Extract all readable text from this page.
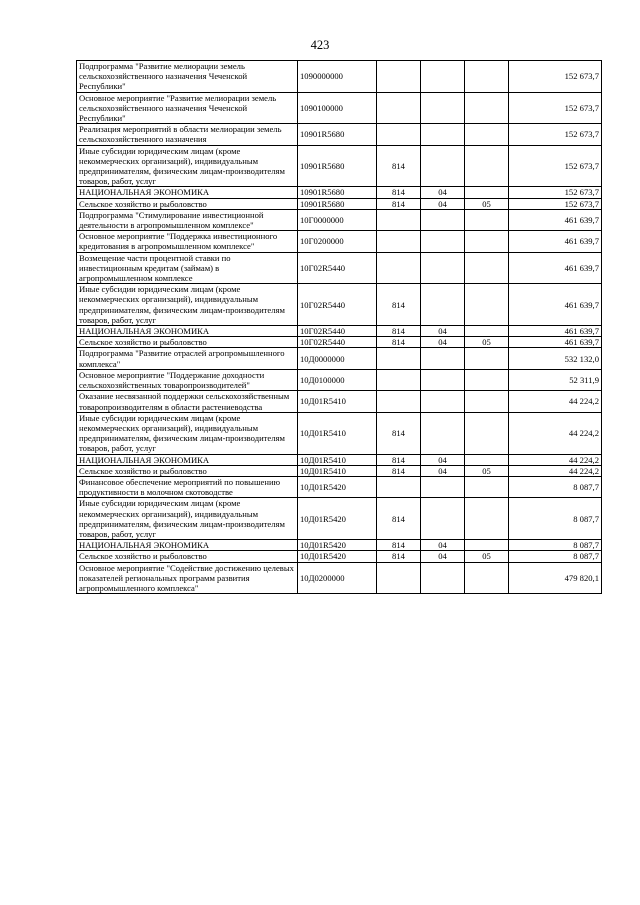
423
Подпрограмма "Развитие мелиорации земель сельскохозяйственного назначения Чеченской Республики"	1090000000				152 673,7
Основное мероприятие "Развитие мелиорации земель сельскохозяйственного назначения Чеченской Республики"	1090100000				152 673,7
Реализация мероприятий в области мелиорации земель сельскохозяйственного назначения	10901R5680				152 673,7
Иные субсидии юридическим лицам (кроме некоммерческих организаций), индивидуальным предпринимателям, физическим лицам-производителям товаров, работ, услуг	10901R5680	814			152 673,7
НАЦИОНАЛЬНАЯ ЭКОНОМИКА	10901R5680	814	04		152 673,7
Сельское хозяйство и рыболовство	10901R5680	814	04	05	152 673,7
Подпрограмма "Стимулирование инвестиционной деятельности в агропромышленном комплексе"	10Г0000000				461 639,7
Основное мероприятие "Поддержка инвестиционного кредитования в агропромышленном комплексе"	10Г0200000				461 639,7
Возмещение части процентной ставки по инвестиционным кредитам (займам) в агропромышленном комплексе	10Г02R5440				461 639,7
Иные субсидии юридическим лицам (кроме некоммерческих организаций), индивидуальным предпринимателям, физическим лицам-производителям товаров, работ, услуг	10Г02R5440	814			461 639,7
НАЦИОНАЛЬНАЯ ЭКОНОМИКА	10Г02R5440	814	04		461 639,7
Сельское хозяйство и рыболовство	10Г02R5440	814	04	05	461 639,7
Подпрограмма "Развитие отраслей агропромышленного комплекса"	10Д0000000				532 132,0
Основное мероприятие "Поддержание доходности сельскохозяйственных товаропроизводителей"	10Д0100000				52 311,9
Оказание несвязанной поддержки сельскохозяйственным товаропроизводителям в области растениеводства	10Д01R5410				44 224,2
Иные субсидии юридическим лицам (кроме некоммерческих организаций), индивидуальным предпринимателям, физическим лицам-производителям товаров, работ, услуг	10Д01R5410	814			44 224,2
НАЦИОНАЛЬНАЯ ЭКОНОМИКА	10Д01R5410	814	04		44 224,2
Сельское хозяйство и рыболовство	10Д01R5410	814	04	05	44 224,2
Финансовое обеспечение мероприятий по повышению продуктивности в молочном скотоводстве	10Д01R5420				8 087,7
Иные субсидии юридическим лицам (кроме некоммерческих организаций), индивидуальным предпринимателям, физическим лицам-производителям товаров, работ, услуг	10Д01R5420	814			8 087,7
НАЦИОНАЛЬНАЯ ЭКОНОМИКА	10Д01R5420	814	04		8 087,7
Сельское хозяйство и рыболовство	10Д01R5420	814	04	05	8 087,7
Основное мероприятие "Содействие достижению целевых показателей региональных программ развития агропромышленного комплекса"	10Д0200000				479 820,1
